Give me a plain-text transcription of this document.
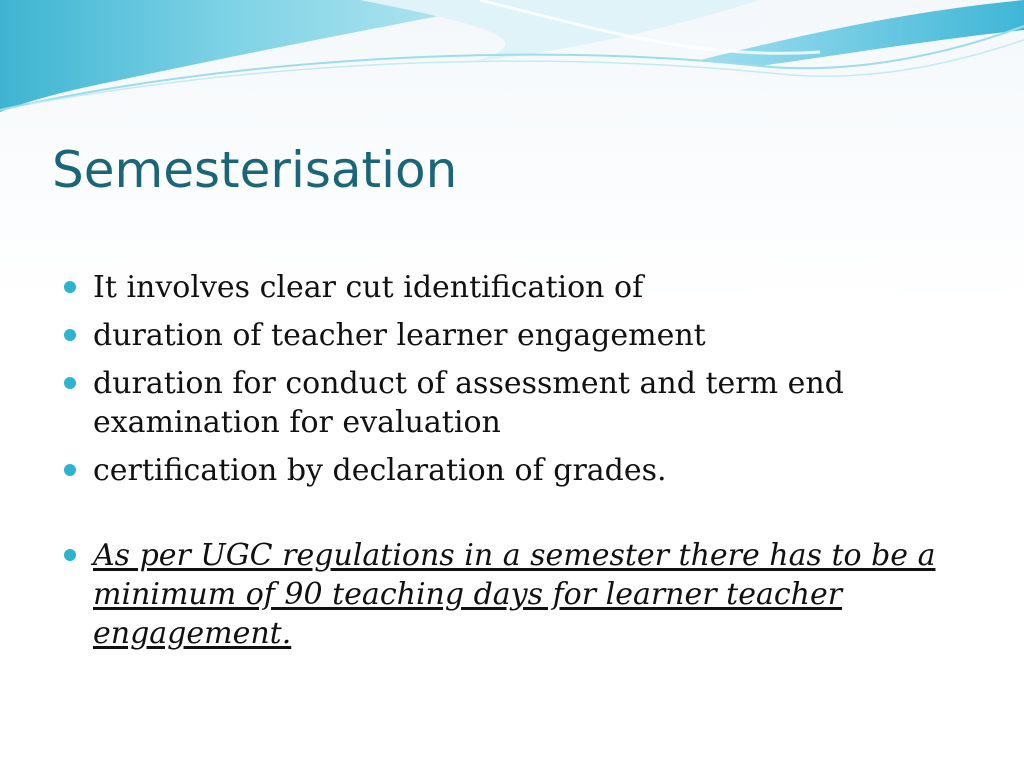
Semesterisation
It involves clear cut identification of
duration of teacher learner engagement
duration for conduct of assessment and term end examination for evaluation
certification by declaration of grades.
As per UGC regulations in a semester there has to be a minimum of 90 teaching days for learner teacher engagement.
